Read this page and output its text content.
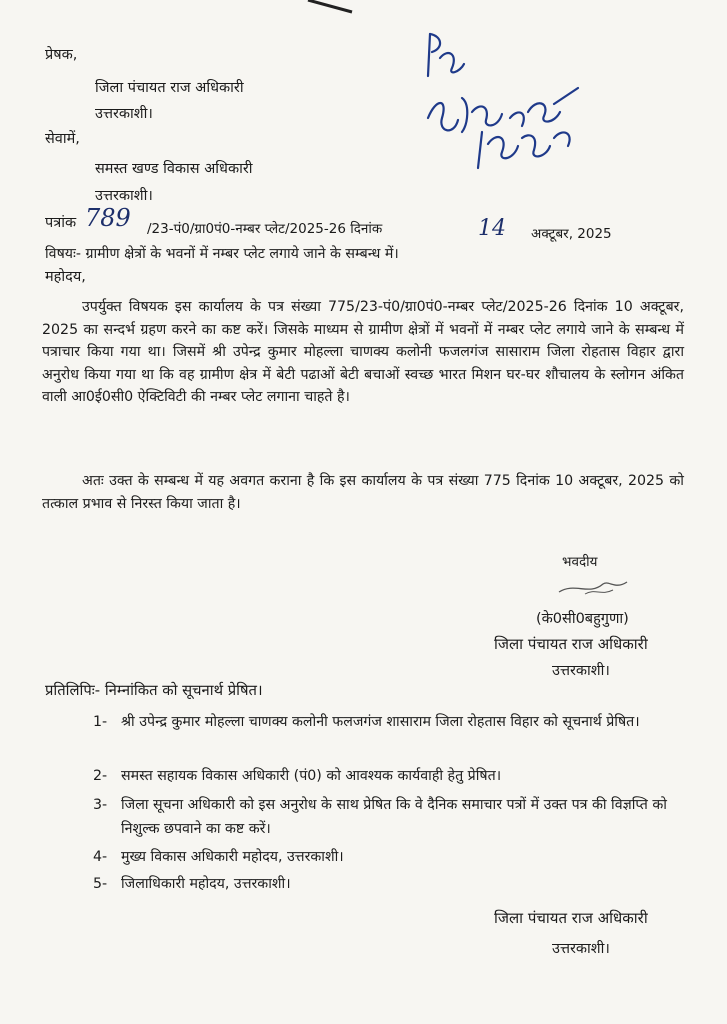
प्रेषक,
जिला पंचायत राज अधिकारी
उत्तरकाशी।
सेवामें,
समस्त खण्ड विकास अधिकारी
उत्तरकाशी।
पत्रांक 789 /23-पं0/ग्रा0पं0-नम्बर प्लेट/2025-26 दिनांक	14 अक्टूबर, 2025
विषयः- ग्रामीण क्षेत्रों के भवनों में नम्बर प्लेट लगाये जाने के सम्बन्ध में।
महोदय,
उपर्युक्त विषयक इस कार्यालय के पत्र संख्या 775/23-पं0/ग्रा0पं0-नम्बर प्लेट/2025-26 दिनांक 10 अक्टूबर, 2025 का सन्दर्भ ग्रहण करने का कष्ट करें। जिसके माध्यम से ग्रामीण क्षेत्रों में भवनों में नम्बर प्लेट लगाये जाने के सम्बन्ध में पत्राचार किया गया था। जिसमें श्री उपेन्द्र कुमार मोहल्ला चाणक्य कलोनी फजलगंज सासाराम जिला रोहतास विहार द्वारा अनुरोध किया गया था कि वह ग्रामीण क्षेत्र में बेटी पढाओं बेटी बचाओं स्वच्छ भारत मिशन घर-घर शौचालय के स्लोगन अंकित वाली आ0ई0सी0 ऐक्टिविटी की नम्बर प्लेट लगाना चाहते है।
अतः उक्त के सम्बन्ध में यह अवगत कराना है कि इस कार्यालय के पत्र संख्या 775 दिनांक 10 अक्टूबर, 2025 को तत्काल प्रभाव से निरस्त किया जाता है।
भवदीय
(के0सी0बहुगुणा)
जिला पंचायत राज अधिकारी
उत्तरकाशी।
प्रतिलिपिः- निम्नांकित को सूचनार्थ प्रेषित।
1- श्री उपेन्द्र कुमार मोहल्ला चाणक्य कलोनी फलजगंज शासाराम जिला रोहतास विहार को सूचनार्थ प्रेषित।
2- समस्त सहायक विकास अधिकारी (पं0) को आवश्यक कार्यवाही हेतु प्रेषित।
3- जिला सूचना अधिकारी को इस अनुरोध के साथ प्रेषित कि वे दैनिक समाचार पत्रों में उक्त पत्र की विज्ञप्ति को निशुल्क छपवाने का कष्ट करें।
4- मुख्य विकास अधिकारी महोदय, उत्तरकाशी।
5- जिलाधिकारी महोदय, उत्तरकाशी।
जिला पंचायत राज अधिकारी
उत्तरकाशी।
